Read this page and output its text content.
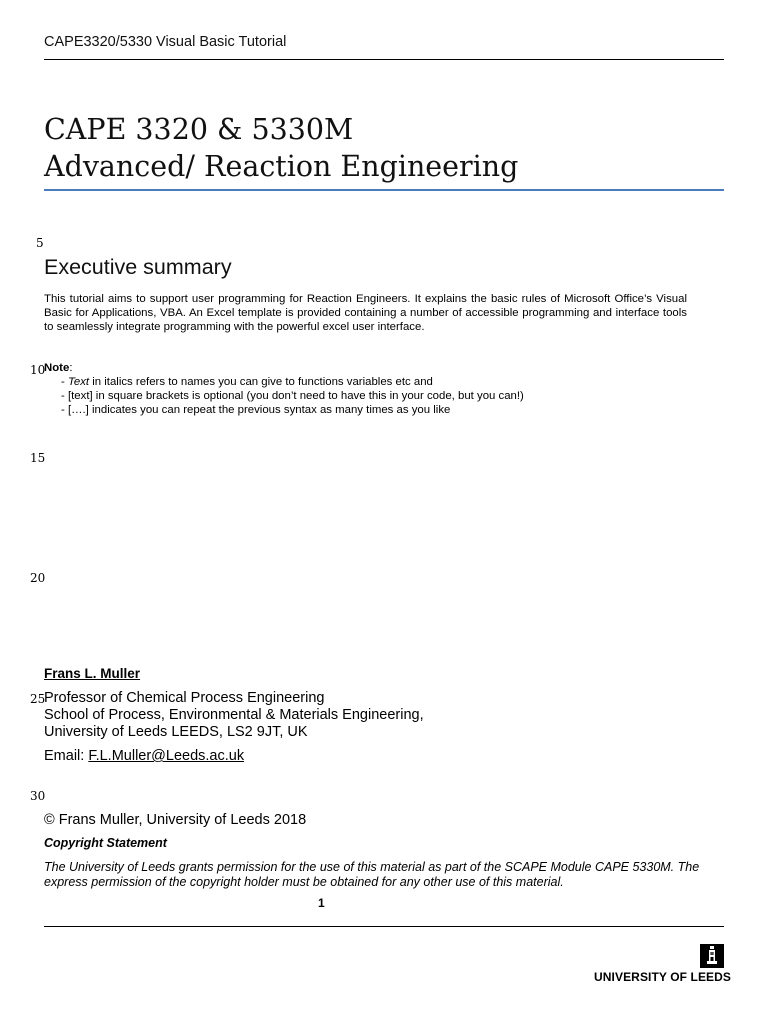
CAPE3320/5330 Visual Basic Tutorial
CAPE 3320 & 5330M
Advanced/ Reaction Engineering
5
10
15
20
25
30
Executive summary
This tutorial aims to support user programming for Reaction Engineers. It explains the basic rules of Microsoft Office’s Visual Basic for Applications, VBA. An Excel template is provided containing a number of accessible programming and interface tools to seamlessly integrate programming with the powerful excel user interface.
Note:
- Text in italics refers to names you can give to functions variables etc and
- [text] in square brackets is optional (you don’t need to have this in your code, but you can!)
- [….] indicates you can repeat the previous syntax as many times as you like
Frans L. Muller
Professor of Chemical Process Engineering
School of Process, Environmental & Materials Engineering,
University of Leeds LEEDS, LS2 9JT, UK
Email: F.L.Muller@Leeds.ac.uk
© Frans Muller, University of Leeds 2018
Copyright Statement
The University of Leeds grants permission for the use of this material as part of the SCAPE Module CAPE 5330M. The express permission of the copyright holder must be obtained for any other use of this material.
1
UNIVERSITY OF LEEDS
